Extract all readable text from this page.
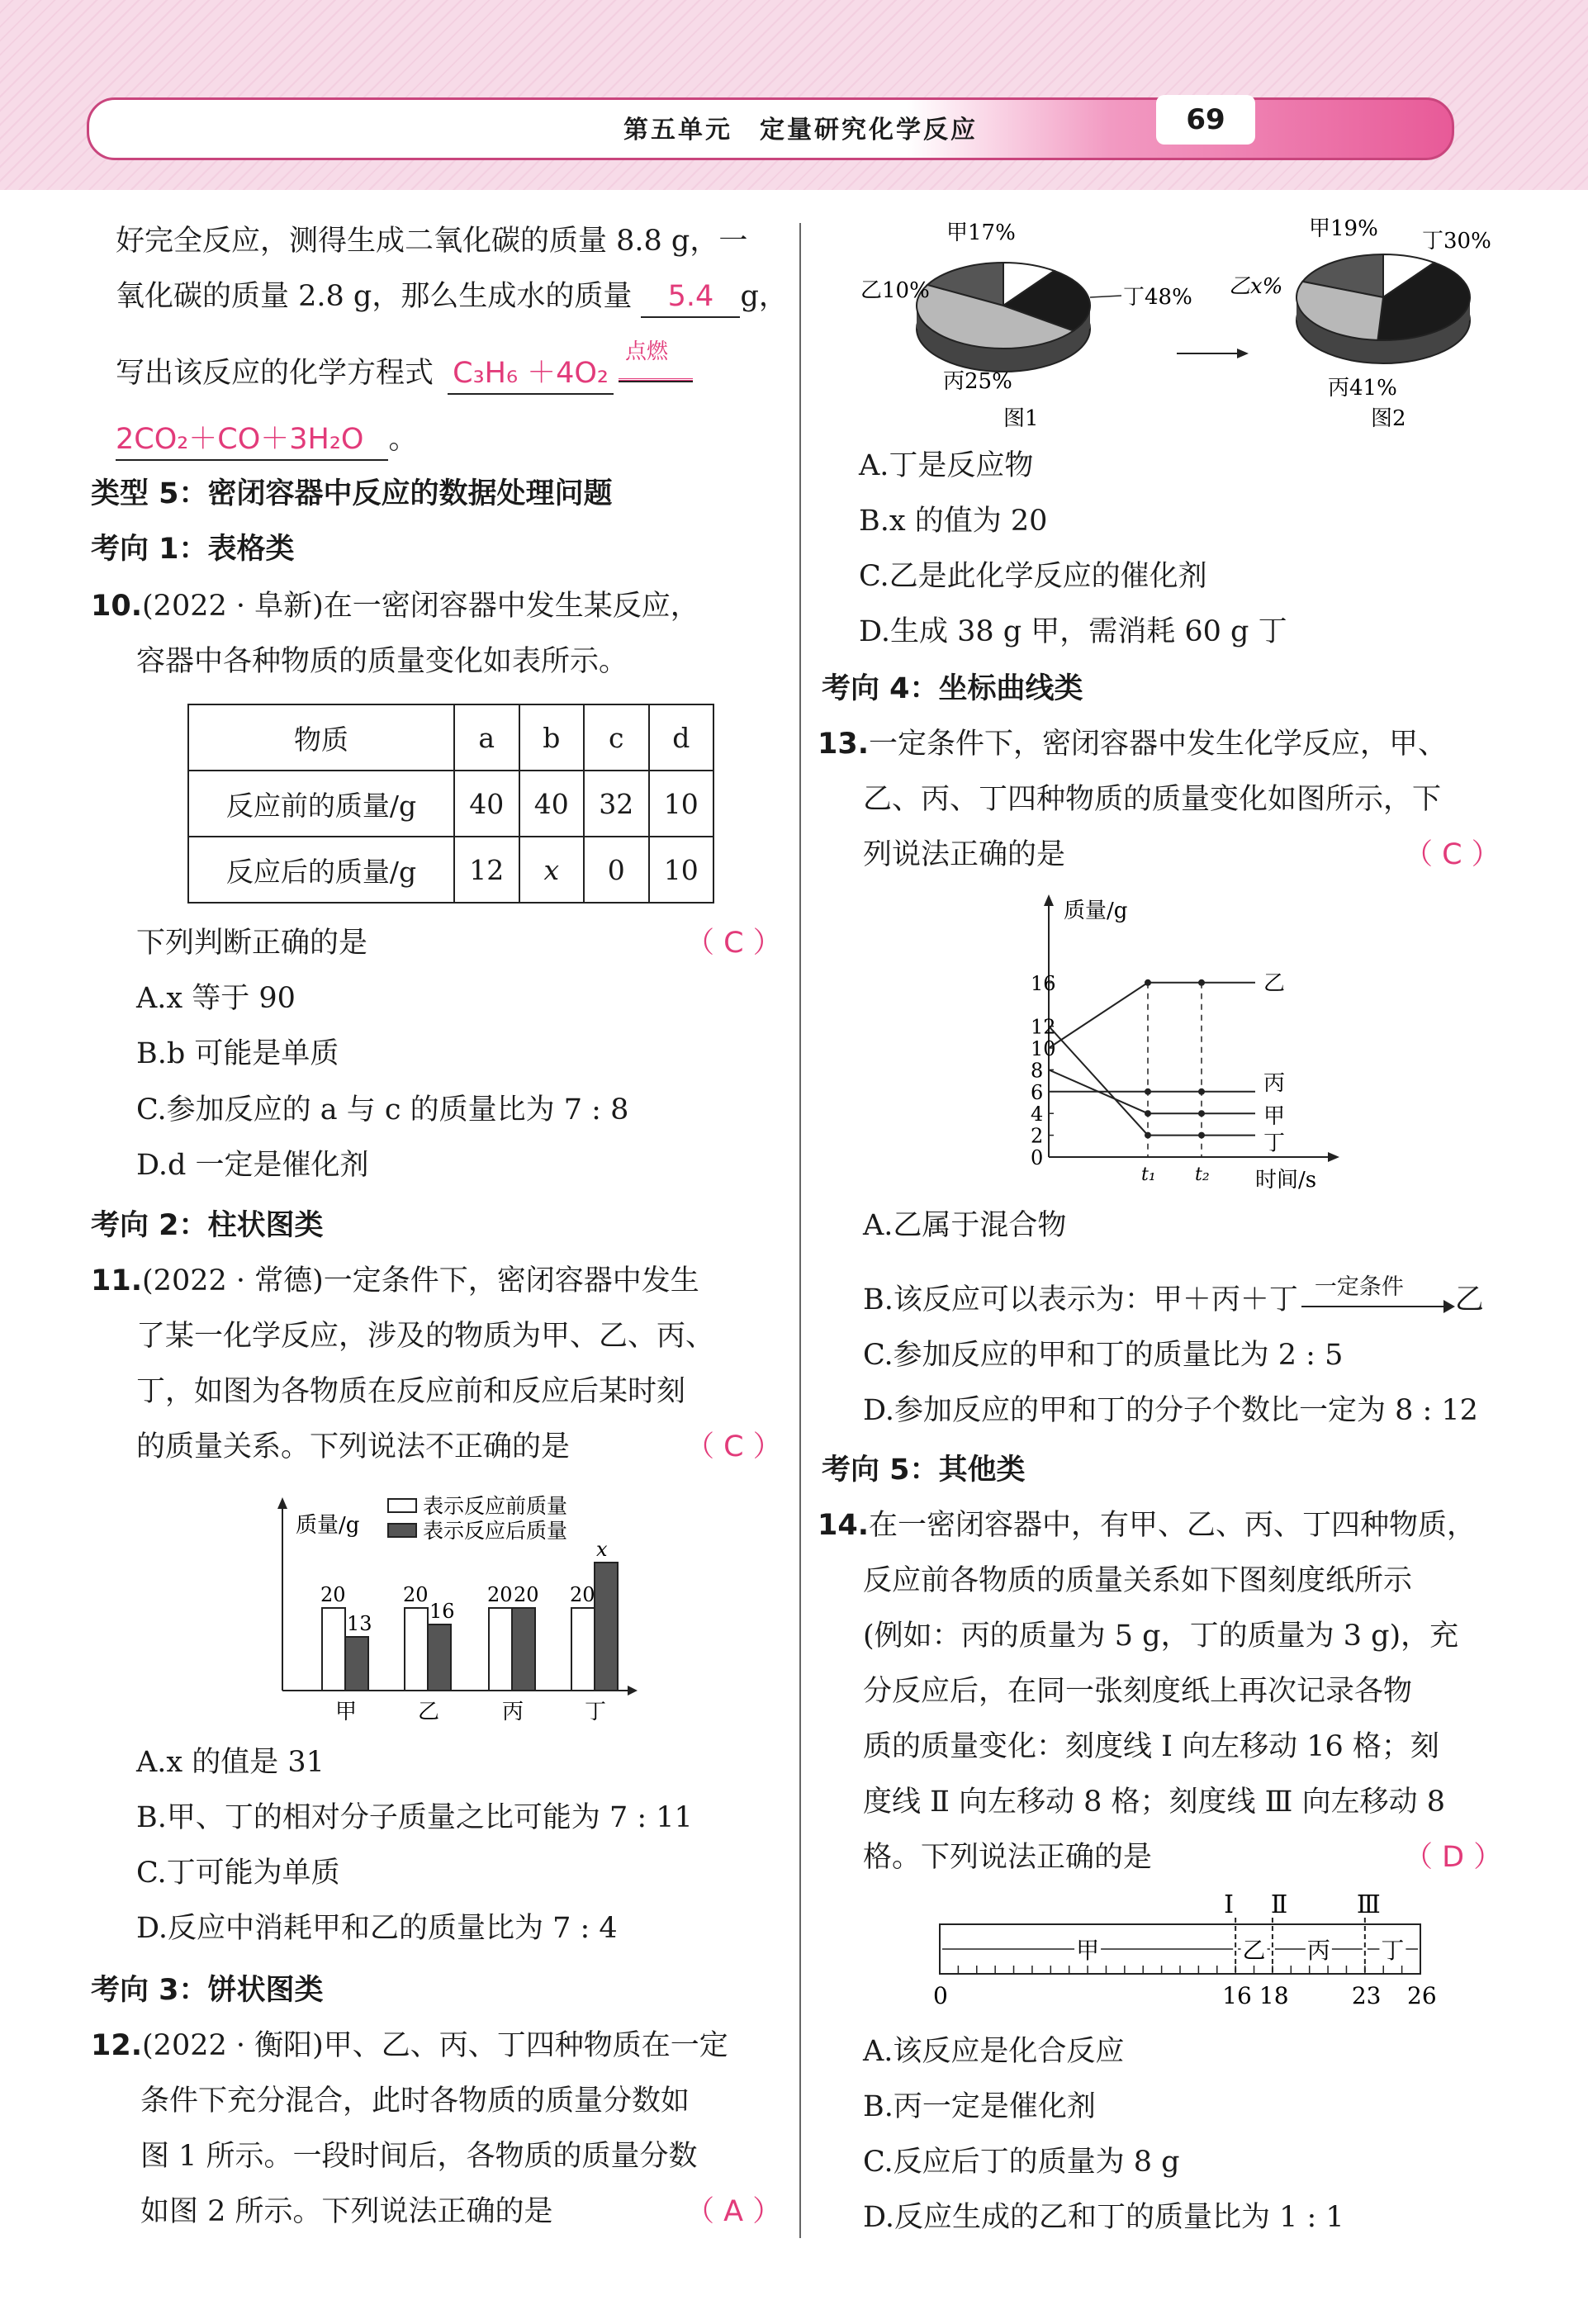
第五单元　定量研究化学反应	69
好完全反应，测得生成二氧化碳的质量 8.8 g，一
氧化碳的质量 2.8 g，那么生成水的质量 5.4 g，
写出该反应的化学方程式 C₃H₆ ＋4O₂
点燃
2CO₂＋CO＋3H₂O 。
类型 5：密闭容器中反应的数据处理问题
考向 1：表格类
10.(2022 · 阜新)在一密闭容器中发生某反应，
容器中各种物质的质量变化如表所示。
物质	a	b	c	d
反应前的质量/g	40	40	32	10
反应后的质量/g	12	x	0	10
下列判断正确的是	（ C ）
A.x 等于 90
B.b 可能是单质
C.参加反应的 a 与 c 的质量比为 7 : 8
D.d 一定是催化剂
考向 2：柱状图类
11.(2022 · 常德)一定条件下，密闭容器中发生
了某一化学反应，涉及的物质为甲、乙、丙、
丁，如图为各物质在反应前和反应后某时刻
的质量关系。下列说法不正确的是	（ C ）
质量/g
表示反应前质量
表示反应后质量
20
13
甲
20
16
乙
20 20
丙
20
x
丁
A.x 的值是 31
B.甲、丁的相对分子质量之比可能为 7 : 11
C.丁可能为单质
D.反应中消耗甲和乙的质量比为 7 : 4
考向 3：饼状图类
12.(2022 · 衡阳)甲、乙、丙、丁四种物质在一定
条件下充分混合，此时各物质的质量分数如
图 1 所示。一段时间后，各物质的质量分数
如图 2 所示。下列说法正确的是	（ A ）
甲17%
乙10%
丙25%
丁48%
图1
甲19% 丁30%
乙x%
丙41%
图2
A.丁是反应物
B.x 的值为 20
C.乙是此化学反应的催化剂
D.生成 38 g 甲，需消耗 60 g 丁
考向 4：坐标曲线类
13.一定条件下，密闭容器中发生化学反应，甲、
乙、丙、丁四种物质的质量变化如图所示，下
列说法正确的是	（ C ）
质量/g
时间/s
0
2
4
6
8
10
12
16
t₁ t₂
乙
丙
甲
丁
A.乙属于混合物
B.该反应可以表示为：甲＋丙＋丁 一定条件 乙
C.参加反应的甲和丁的质量比为 2 : 5
D.参加反应的甲和丁的分子个数比一定为 8 : 12
考向 5：其他类
14.在一密闭容器中，有甲、乙、丙、丁四种物质，
反应前各物质的质量关系如下图刻度纸所示
(例如：丙的质量为 5 g，丁的质量为 3 g)，充
分反应后，在同一张刻度纸上再次记录各物
质的质量变化：刻度线 Ⅰ 向左移动 16 格；刻
度线 Ⅱ 向左移动 8 格；刻度线 Ⅲ 向左移动 8
格。下列说法正确的是	（ D ）
Ⅰ Ⅱ	Ⅲ
甲	乙 丙 丁
0	16 18	23 26
A.该反应是化合反应
B.丙一定是催化剂
C.反应后丁的质量为 8 g
D.反应生成的乙和丁的质量比为 1 : 1
